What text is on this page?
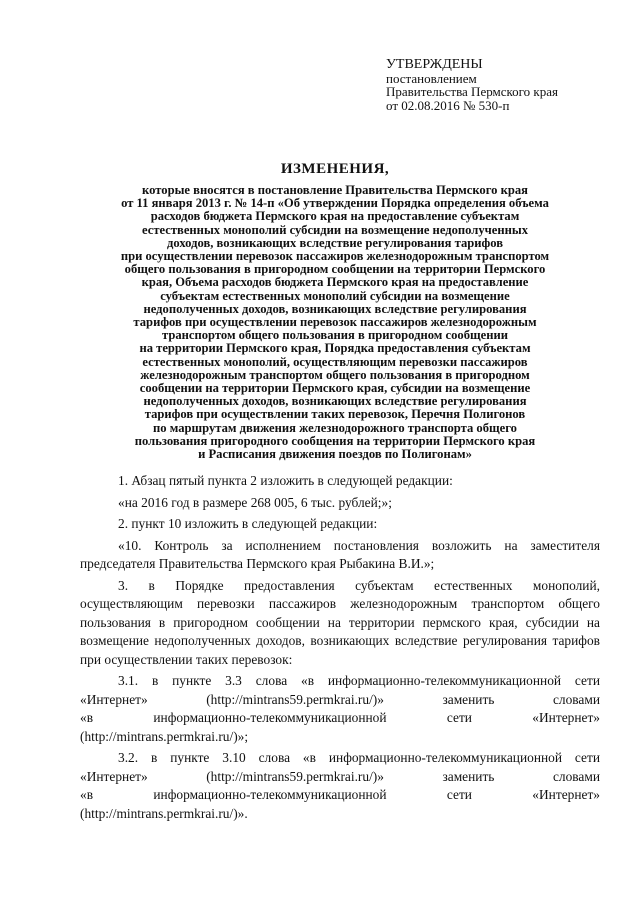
УТВЕРЖДЕНЫ
постановлением
Правительства Пермского края
от 02.08.2016 № 530-п
ИЗМЕНЕНИЯ,
которые вносятся в постановление Правительства Пермского края
от 11 января 2013 г. № 14-п «Об утверждении Порядка определения объема
расходов бюджета Пермского края на предоставление субъектам
естественных монополий субсидии на возмещение недополученных
доходов, возникающих вследствие регулирования тарифов
при осуществлении перевозок пассажиров железнодорожным транспортом
общего пользования в пригородном сообщении на территории Пермского
края, Объема расходов бюджета Пермского края на предоставление
субъектам естественных монополий субсидии на возмещение
недополученных доходов, возникающих вследствие регулирования
тарифов при осуществлении перевозок пассажиров железнодорожным
транспортом общего пользования в пригородном сообщении
на территории Пермского края, Порядка предоставления субъектам
естественных монополий, осуществляющим перевозки пассажиров
железнодорожным транспортом общего пользования в пригородном
сообщении на территории Пермского края, субсидии на возмещение
недополученных доходов, возникающих вследствие регулирования
тарифов при осуществлении таких перевозок, Перечня Полигонов
по маршрутам движения железнодорожного транспорта общего
пользования пригородного сообщения на территории Пермского края
и Расписания движения поездов по Полигонам»

1. Абзац пятый пункта 2 изложить в следующей редакции:

«на 2016 год в размере 268 005, 6 тыс. рублей;»;

2. пункт 10 изложить в следующей редакции:

«10. Контроль за исполнением постановления возложить на заместителя председателя Правительства Пермского края Рыбакина В.И.»;

3. в Порядке предоставления субъектам естественных монополий, осуществляющим перевозки пассажиров железнодорожным транспортом общего пользования в пригородном сообщении на территории пермского края, субсидии на возмещение недополученных доходов, возникающих вследствие регулирования тарифов при осуществлении таких перевозок:

3.1. в пункте 3.3 слова «в информационно-телекоммуникационной сети
«Интернет» (http://mintrans59.permkrai.ru/)» заменить словами
«в информационно-телекоммуникационной сети «Интернет»
(http://mintrans.permkrai.ru/)»;
3.2. в пункте 3.10 слова «в информационно-телекоммуникационной сети
«Интернет» (http://mintrans59.permkrai.ru/)» заменить словами
«в информационно-телекоммуникационной сети «Интернет»
(http://mintrans.permkrai.ru/)».
